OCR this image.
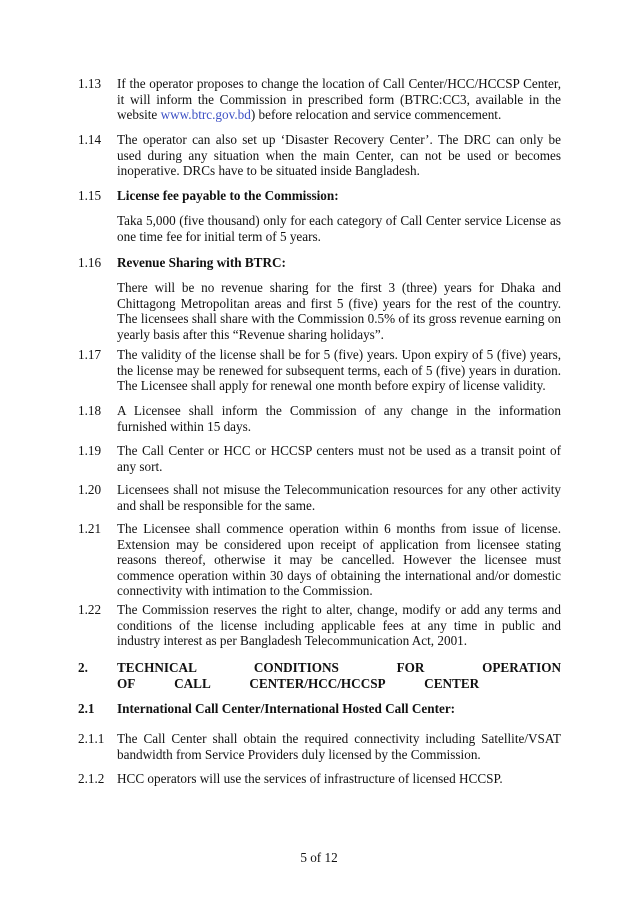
1.13	If the operator proposes to change the location of Call Center/HCC/HCCSP Center, it will inform the Commission in prescribed form (BTRC:CC3, available in the website www.btrc.gov.bd) before relocation and service commencement.
1.14	The operator can also set up ‘Disaster Recovery Center’. The DRC can only be used during any situation when the main Center, can not be used or becomes inoperative. DRCs have to be situated inside Bangladesh.
1.15	License fee payable to the Commission:
Taka 5,000 (five thousand) only for each category of Call Center service License as one time fee for initial term of 5 years.
1.16	Revenue Sharing with BTRC:
There will be no revenue sharing for the first 3 (three) years for Dhaka and Chittagong Metropolitan areas and first 5 (five) years for the rest of the country. The licensees shall share with the Commission 0.5% of its gross revenue earning on yearly basis after this “Revenue sharing holidays”.
1.17	The validity of the license shall be for 5 (five) years. Upon expiry of 5 (five) years, the license may be renewed for subsequent terms, each of 5 (five) years in duration. The Licensee shall apply for renewal one month before expiry of license validity.
1.18	A Licensee shall inform the Commission of any change in the information furnished within 15 days.
1.19	The Call Center or HCC or HCCSP centers must not be used as a transit point of any sort.
1.20	Licensees shall not misuse the Telecommunication resources for any other activity and shall be responsible for the same.
1.21	The Licensee shall commence operation within 6 months from issue of license. Extension may be considered upon receipt of application from licensee stating reasons thereof, otherwise it may be cancelled. However the licensee must commence operation within 30 days of obtaining the international and/or domestic connectivity with intimation to the Commission.
1.22	The Commission reserves the right to alter, change, modify or add any terms and conditions of the license including applicable fees at any time in public and industry interest as per Bangladesh Telecommunication Act, 2001.
2.	TECHNICAL CONDITIONS FOR OPERATION OF CALL CENTER/HCC/HCCSP CENTER
2.1	International Call Center/International Hosted Call Center:
2.1.1 The Call Center shall obtain the required connectivity including Satellite/VSAT bandwidth from Service Providers duly licensed by the Commission.
2.1.2 HCC operators will use the services of infrastructure of licensed HCCSP.
5 of 12
